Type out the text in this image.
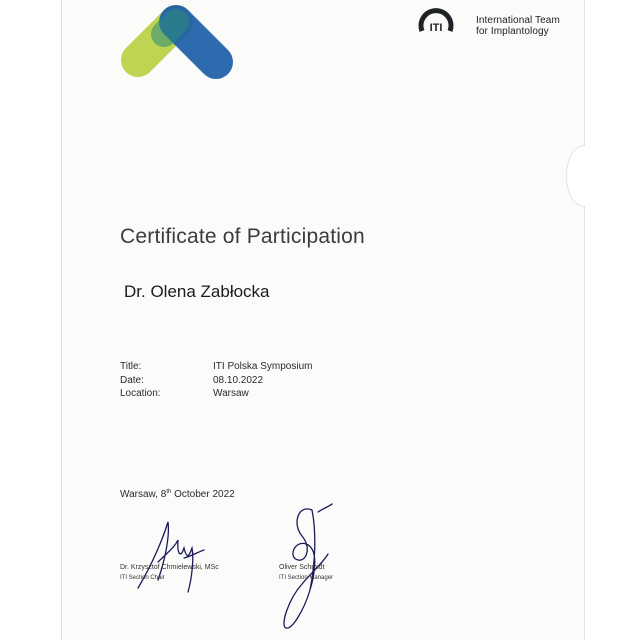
ITI
International Team
for Implantology
Certificate of Participation
Dr. Olena Zabłocka
Title:	ITI Polska Symposium
Date:	08.10.2022
Location:	Warsaw
Warsaw, 8th October 2022
Dr. Krzysztof Chmielewski, MSc
ITI Section Chair
Oliver Schmidt
ITI Section Manager
